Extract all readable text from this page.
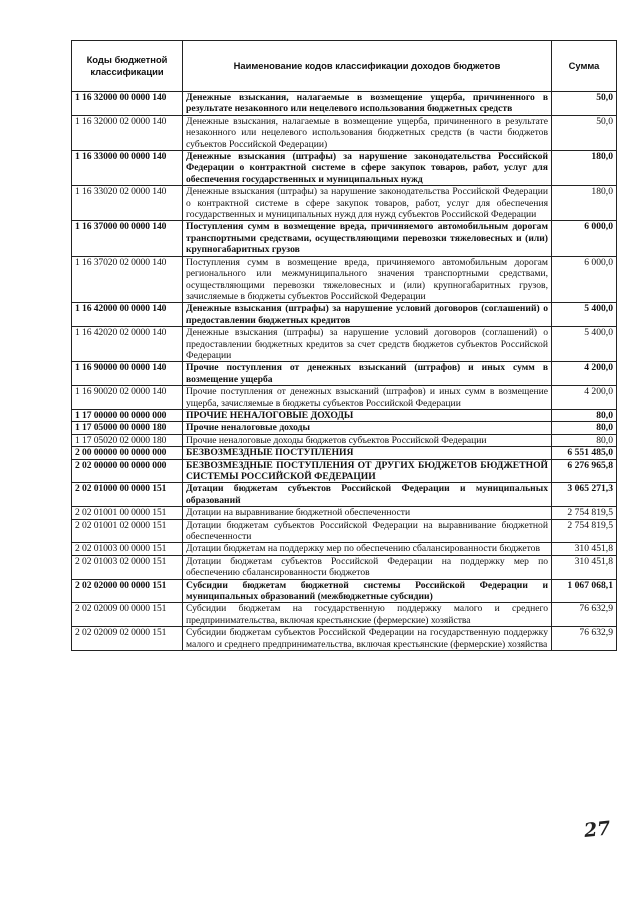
Коды бюджетной классификации	Наименование кодов классификации доходов бюджетов	Сумма
1 16 32000 00 0000 140	Денежные взыскания, налагаемые в возмещение ущерба, причиненного в результате незаконного или нецелевого использования бюджетных средств	50,0
1 16 32000 02 0000 140	Денежные взыскания, налагаемые в возмещение ущерба, причиненного в результате незаконного или нецелевого использования бюджетных средств (в части бюджетов субъектов Российской Федерации)	50,0
1 16 33000 00 0000 140	Денежные взыскания (штрафы) за нарушение законодательства Российской Федерации о контрактной системе в сфере закупок товаров, работ, услуг для обеспечения государственных и муниципальных нужд	180,0
1 16 33020 02 0000 140	Денежные взыскания (штрафы) за нарушение законодательства Российской Федерации о контрактной системе в сфере закупок товаров, работ, услуг для обеспечения государственных и муниципальных нужд для нужд субъектов Российской Федерации	180,0
1 16 37000 00 0000 140	Поступления сумм в возмещение вреда, причиняемого автомобильным дорогам транспортными средствами, осуществляющими перевозки тяжеловесных и (или) крупногабаритных грузов	6 000,0
1 16 37020 02 0000 140	Поступления сумм в возмещение вреда, причиняемого автомобильным дорогам регионального или межмуниципального значения транспортными средствами, осуществляющими перевозки тяжеловесных и (или) крупногабаритных грузов, зачисляемые в бюджеты субъектов Российской Федерации	6 000,0
1 16 42000 00 0000 140	Денежные взыскания (штрафы) за нарушение условий договоров (соглашений) о предоставлении бюджетных кредитов	5 400,0
1 16 42020 02 0000 140	Денежные взыскания (штрафы) за нарушение условий договоров (соглашений) о предоставлении бюджетных кредитов за счет средств бюджетов субъектов Российской Федерации	5 400,0
1 16 90000 00 0000 140	Прочие поступления от денежных взысканий (штрафов) и иных сумм в возмещение ущерба	4 200,0
1 16 90020 02 0000 140	Прочие поступления от денежных взысканий (штрафов) и иных сумм в возмещение ущерба, зачисляемые в бюджеты субъектов Российской Федерации	4 200,0
1 17 00000 00 0000 000	ПРОЧИЕ НЕНАЛОГОВЫЕ ДОХОДЫ	80,0
1 17 05000 00 0000 180	Прочие неналоговые доходы	80,0
1 17 05020 02 0000 180	Прочие неналоговые доходы бюджетов субъектов Российской Федерации	80,0
2 00 00000 00 0000 000	БЕЗВОЗМЕЗДНЫЕ ПОСТУПЛЕНИЯ	6 551 485,0
2 02 00000 00 0000 000	БЕЗВОЗМЕЗДНЫЕ ПОСТУПЛЕНИЯ ОТ ДРУГИХ БЮДЖЕТОВ БЮДЖЕТНОЙ СИСТЕМЫ РОССИЙСКОЙ ФЕДЕРАЦИИ	6 276 965,8
2 02 01000 00 0000 151	Дотации бюджетам субъектов Российской Федерации и муниципальных образований	3 065 271,3
2 02 01001 00 0000 151	Дотации на выравнивание бюджетной обеспеченности	2 754 819,5
2 02 01001 02 0000 151	Дотации бюджетам субъектов Российской Федерации на выравнивание бюджетной обеспеченности	2 754 819,5
2 02 01003 00 0000 151	Дотации бюджетам на поддержку мер по обеспечению сбалансированности бюджетов	310 451,8
2 02 01003 02 0000 151	Дотации бюджетам субъектов Российской Федерации на поддержку мер по обеспечению сбалансированности бюджетов	310 451,8
2 02 02000 00 0000 151	Субсидии бюджетам бюджетной системы Российской Федерации и муниципальных образований (межбюджетные субсидии)	1 067 068,1
2 02 02009 00 0000 151	Субсидии бюджетам на государственную поддержку малого и среднего предпринимательства, включая крестьянские (фермерские) хозяйства	76 632,9
2 02 02009 02 0000 151	Субсидии бюджетам субъектов Российской Федерации на государственную поддержку малого и среднего предпринимательства, включая крестьянские (фермерские) хозяйства	76 632,9
27
